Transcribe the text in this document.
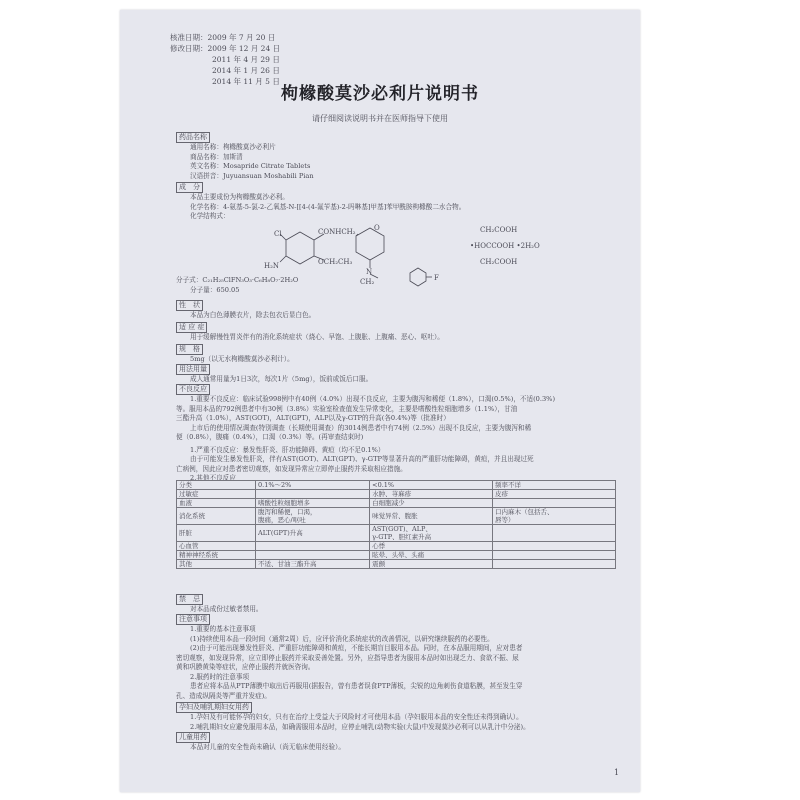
核准日期：2009 年 7 月 20 日
修改日期：2009 年 12 月 24 日
2011 年 4 月 29 日
2014 年 1 月 26 日
2014 年 11 月 5 日
枸橼酸莫沙必利片说明书
请仔细阅读说明书并在医师指导下使用
药品名称
通用名称：枸橼酸莫沙必利片
商品名称：加斯清
英文名称：Mosapride Citrate Tablets
汉语拼音：Juyuansuan Moshabili Pian
成　分
本品主要成份为枸橼酸莫沙必利。
化学名称：4-氨基-5-氯-2-乙氧基-N-[[4-(4-氟苄基)-2-吗啉基]甲基]苯甲酰胺枸橼酸二水合物。
化学结构式：
Cl	CONHCH₂
OCH₂CH₃
H₂N
O
N
CH₂	F
CH₂COOH
•HOCCOOH •2H₂O
CH₂COOH
分子式：C₂₁H₂₅ClFN₃O₃·C₆H₈O₇·2H₂O
分子量：650.05
性　状
本品为白色薄膜衣片，除去包衣后显白色。
适 应 症
用于缓解慢性胃炎伴有的消化系统症状（烧心、早饱、上腹胀、上腹痛、恶心、呕吐）。
规　格
5mg（以无水枸橼酸莫沙必利计）。
用法用量
成人通常用量为1日3次，每次1片（5mg），饭前或饭后口服。
不良反应
1.重要不良反应：临床试验998例中有40例（4.0%）出现不良反应，主要为腹泻和稀便（1.8%），口渴(0.5%)，不适(0.3%)
等。服用本品的792例患者中有30例（3.8%）实验室检查值发生异常变化，主要是嗜酸性粒细胞增多（1.1%），甘油
三酯升高（1.0%），AST(GOT)，ALT(GPT)，ALP以及γ-GTP的升高(各0.4%)等（批准时）
上市后的使用情况调查(特别调查（长期使用调查）的3014例患者中有74例（2.5%）出现不良反应，主要为腹泻和稀
便（0.8%），腹痛（0.4%），口渴（0.3%）等。(再审查结束时)
1.严重不良反应：暴发性肝炎、肝功能障碍、黄疸（均不足0.1%）
由于可能发生暴发性肝炎，伴有AST(GOT)、ALT(GPT)、γ-GTP等显著升高的严重肝功能障碍，黄疸，并且出现过死
亡病例，因此应对患者密切观察，如发现异常应立即停止服药并采取相应措施。
2.其他不良反应
分类	0.1%～2%	<0.1%	频率不详
过敏症		水肿、荨麻疹	皮疹
血液	嗜酸性粒细胞增多	白细胞减少	
消化系统	腹泻和稀便，口渴，
腹痛，恶心/呕吐	味觉异常、腹胀	口内麻木（包括舌、
唇等）
肝脏	ALT(GPT)升高	AST(GOT)、ALP、
γ-GTP、胆红素升高	
心血管		心悸	
精神神经系统		眩晕、头晕、头痛	
其他	不适、甘油三酯升高	震颤	
禁　忌
对本品成份过敏者禁用。
注意事项
1.重要的基本注意事项
(1)持续使用本品一段时间（通常2周）后，应评价消化系统症状的改善情况，以研究继续服药的必要性。
(2)由于可能出现暴发性肝炎、严重肝功能障碍和黄疸，不能长期盲目服用本品。同时，在本品服用期间，应对患者
密切观察，如发现异常，应立即停止服药并采取妥善处置。另外，应指导患者为服用本品时如出现乏力、食欲不振、尿
黄和巩膜黄染等症状，应停止服药并就医咨询。
2.服药时的注意事项
患者应将本品从PTP薄膜中取出后再服用(据报告，曾有患者误食PTP薄板，尖锐的边角刺伤食道粘膜，甚至发生穿
孔、造成纵隔炎等严重并发症)。
孕妇及哺乳期妇女用药
1.孕妇及有可能怀孕的妇女，只有在治疗上受益大于风险时才可使用本品（孕妇服用本品的安全性还未得到确认）。
2.哺乳期妇女应避免服用本品，如确需服用本品时，应停止哺乳(动物实验(大鼠)中发现莫沙必利可以从乳汁中分泌)。
儿童用药
本品对儿童的安全性尚未确认（尚无临床使用经验）。
1
